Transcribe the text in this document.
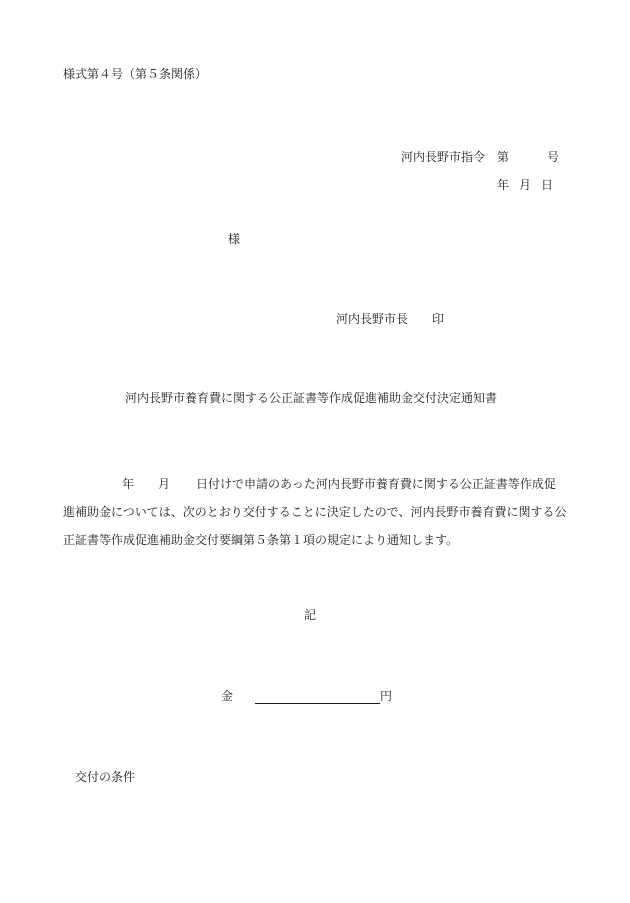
様式第４号（第５条関係）
河内長野市指令 第	号
年 月 日
様
河内長野市長 印
河内長野市養育費に関する公正証書等作成促進補助金交付決定通知書
年 月 日付けで申請のあった河内長野市養育費に関する公正証書等作成促
進補助金については、次のとおり交付することに決定したので、河内長野市養育費に関する公
正証書等作成促進補助金交付要綱第５条第１項の規定により通知します。
記
金	円
交付の条件
